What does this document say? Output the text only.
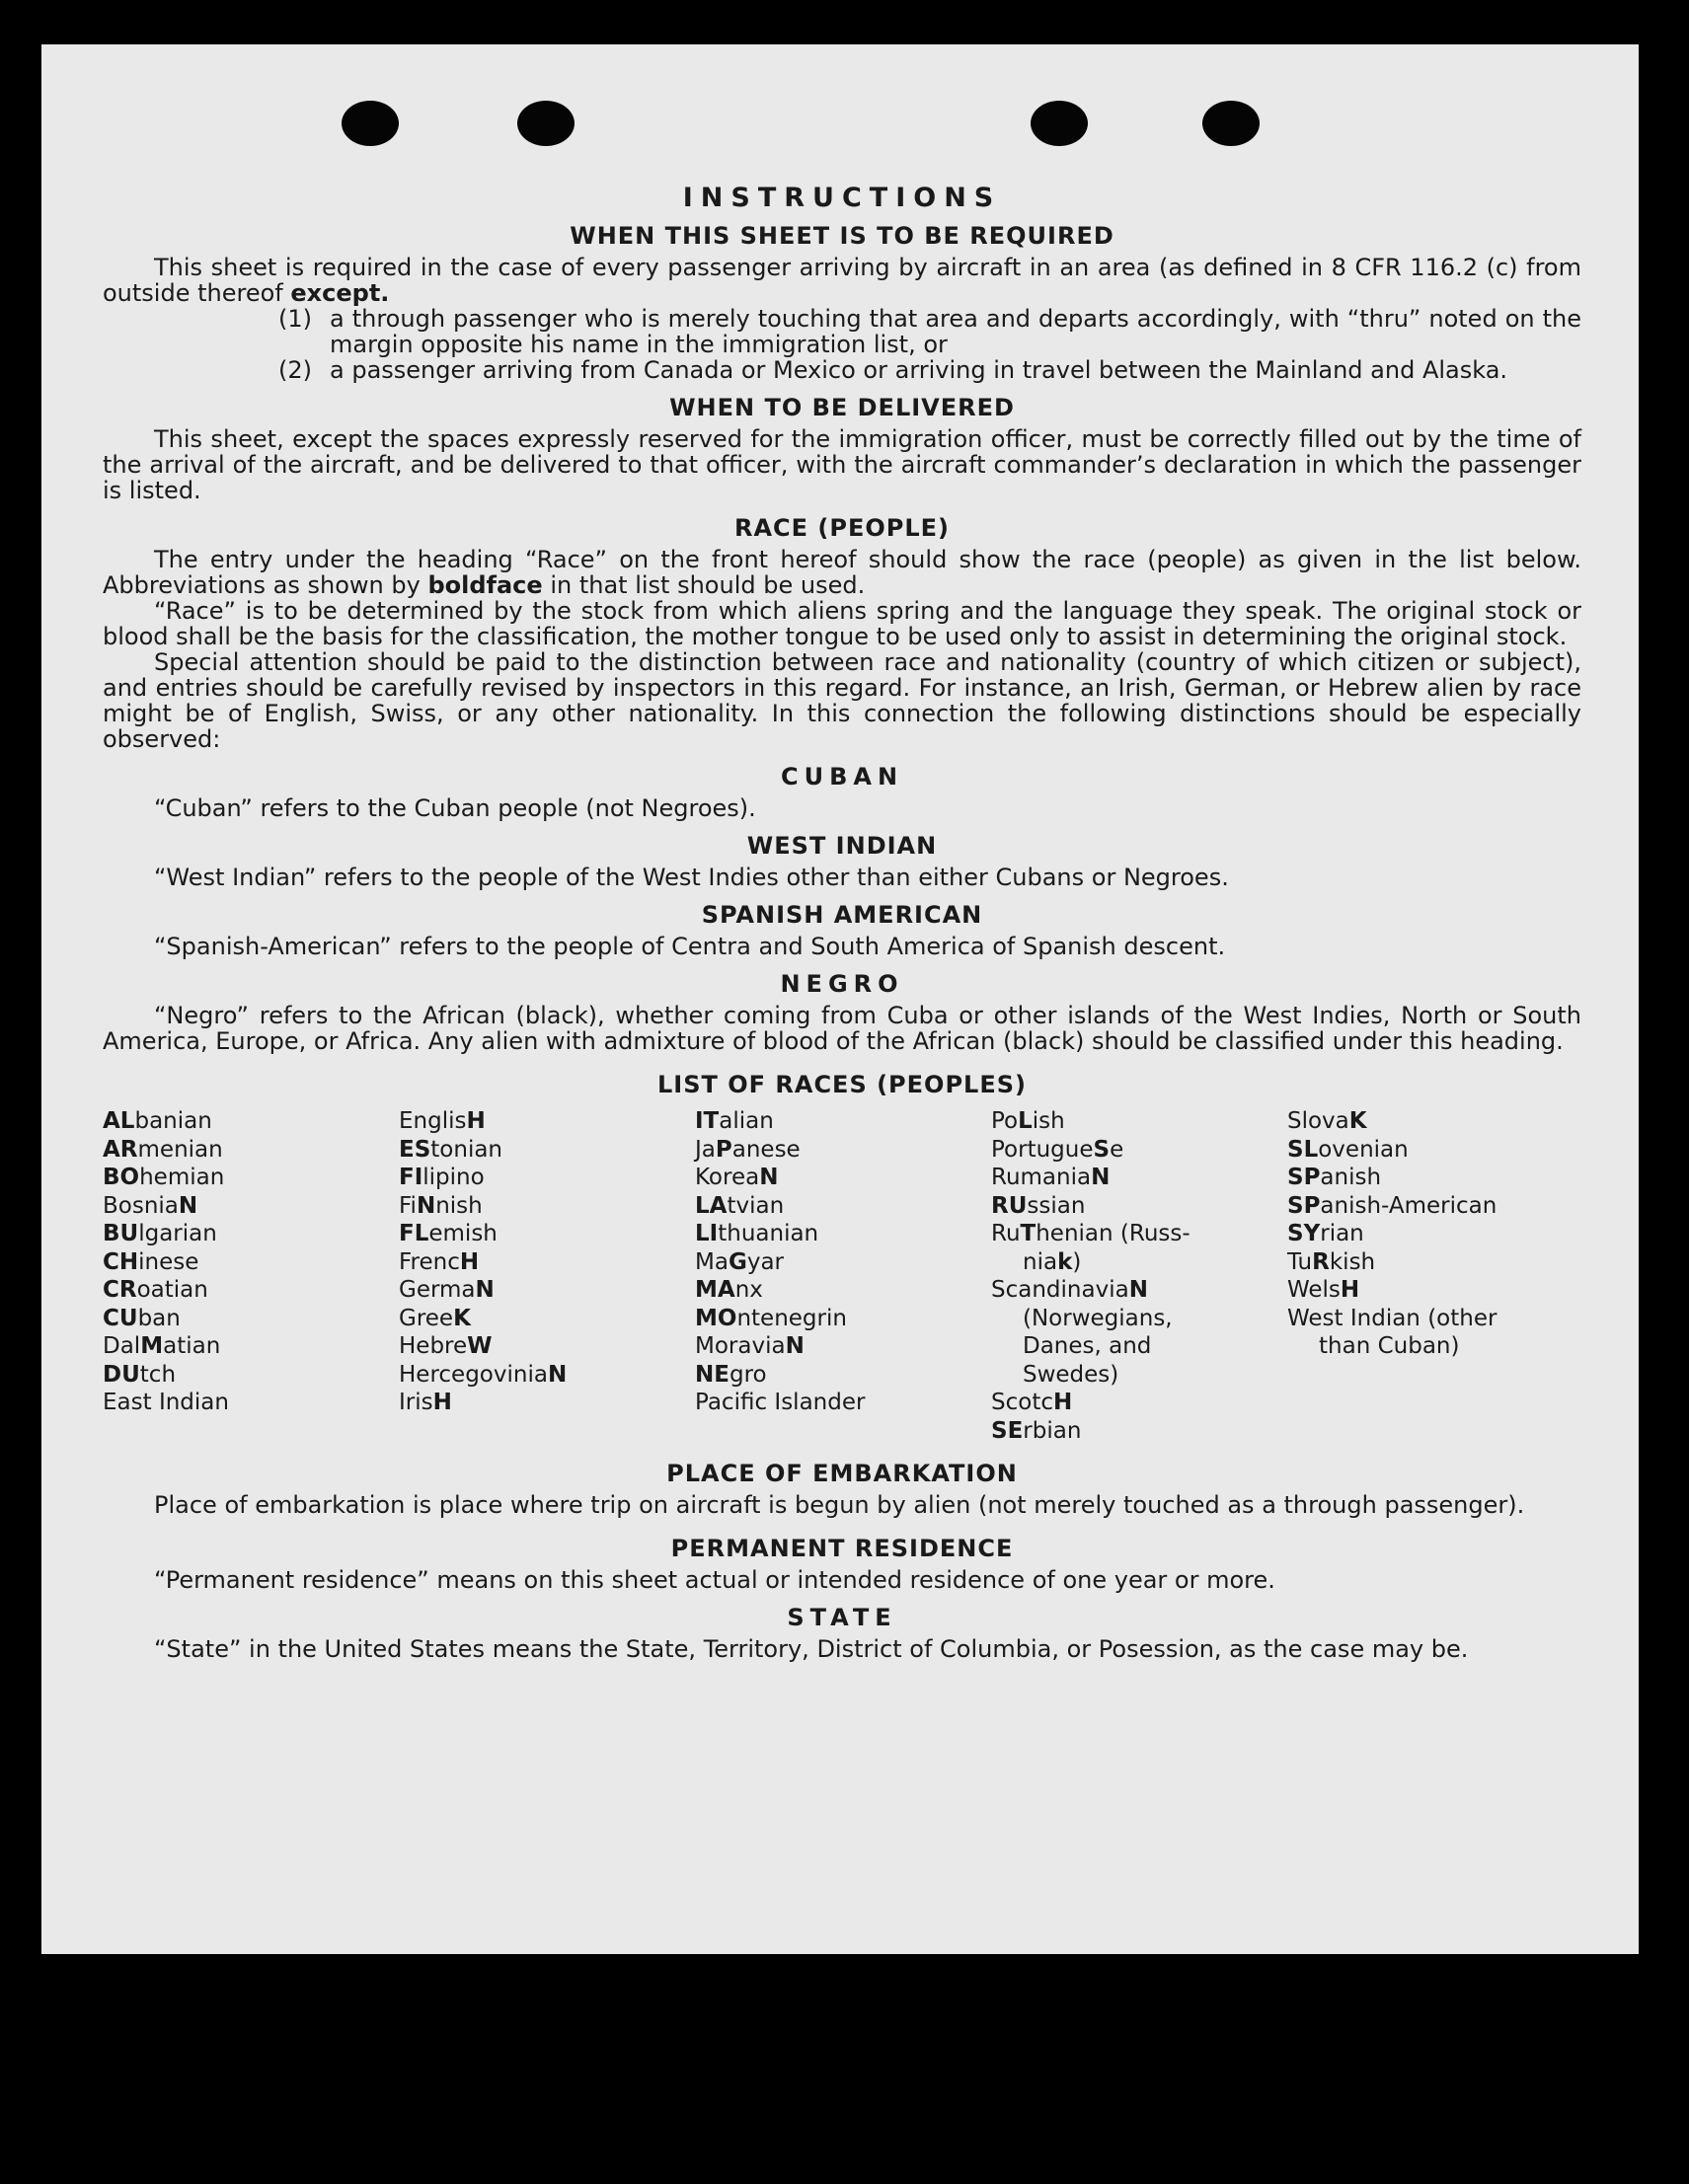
INSTRUCTIONS
WHEN THIS SHEET IS TO BE REQUIRED

This sheet is required in the case of every passenger arriving by aircraft in an area (as defined in 8 CFR 116.2 (c) from outside thereof except.

(1) a through passenger who is merely touching that area and departs accordingly, with “thru” noted on the margin opposite his name in the immigration list, or
(2) a passenger arriving from Canada or Mexico or arriving in travel between the Mainland and Alaska.
WHEN TO BE DELIVERED

This sheet, except the spaces expressly reserved for the immigration officer, must be correctly filled out by the time of the arrival of the aircraft, and be delivered to that officer, with the aircraft commander’s declaration in which the passenger is listed.

RACE (PEOPLE)

The entry under the heading “Race” on the front hereof should show the race (people) as given in the list below. Abbreviations as shown by boldface in that list should be used.

“Race” is to be determined by the stock from which aliens spring and the language they speak. The original stock or blood shall be the basis for the classification, the mother tongue to be used only to assist in determining the original stock.

Special attention should be paid to the distinction between race and nationality (country of which citizen or subject), and entries should be carefully revised by inspectors in this regard. For instance, an Irish, German, or Hebrew alien by race might be of English, Swiss, or any other nationality. In this connection the following distinctions should be especially observed:

CUBAN

“Cuban” refers to the Cuban people (not Negroes).

WEST INDIAN

“West Indian” refers to the people of the West Indies other than either Cubans or Negroes.

SPANISH AMERICAN

“Spanish-American” refers to the people of Centra and South America of Spanish descent.

NEGRO

“Negro” refers to the African (black), whether coming from Cuba or other islands of the West Indies, North or South America, Europe, or Africa. Any alien with admixture of blood of the African (black) should be classified under this heading.

LIST OF RACES (PEOPLES)
ALbanian
ARmenian
BOhemian
BosniaN
BUlgarian
CHinese
CRoatian
CUban
DalMatian
DUtch
East Indian
EnglisH
EStonian
FIlipino
FiNnish
FLemish
FrencH
GermaN
GreeK
HebreW
HercegoviniaN
IrisH
ITalian
JaPanese
KoreaN
LAtvian
LIthuanian
MaGyar
MAnx
MOntenegrin
MoraviaN
NEgro
Pacific Islander
PoLish
PortugueSe
RumaniaN
RUssian
RuThenian (Russ-
niak)
ScandinaviaN
(Norwegians,
Danes, and
Swedes)
ScotcH
SErbian
SlovaK
SLovenian
SPanish
SPanish-American
SYrian
TuRkish
WelsH
West Indian (other
than Cuban)
PLACE OF EMBARKATION

Place of embarkation is place where trip on aircraft is begun by alien (not merely touched as a through passenger).

PERMANENT RESIDENCE

“Permanent residence” means on this sheet actual or intended residence of one year or more.

STATE

“State” in the United States means the State, Territory, District of Columbia, or Posession, as the case may be.
